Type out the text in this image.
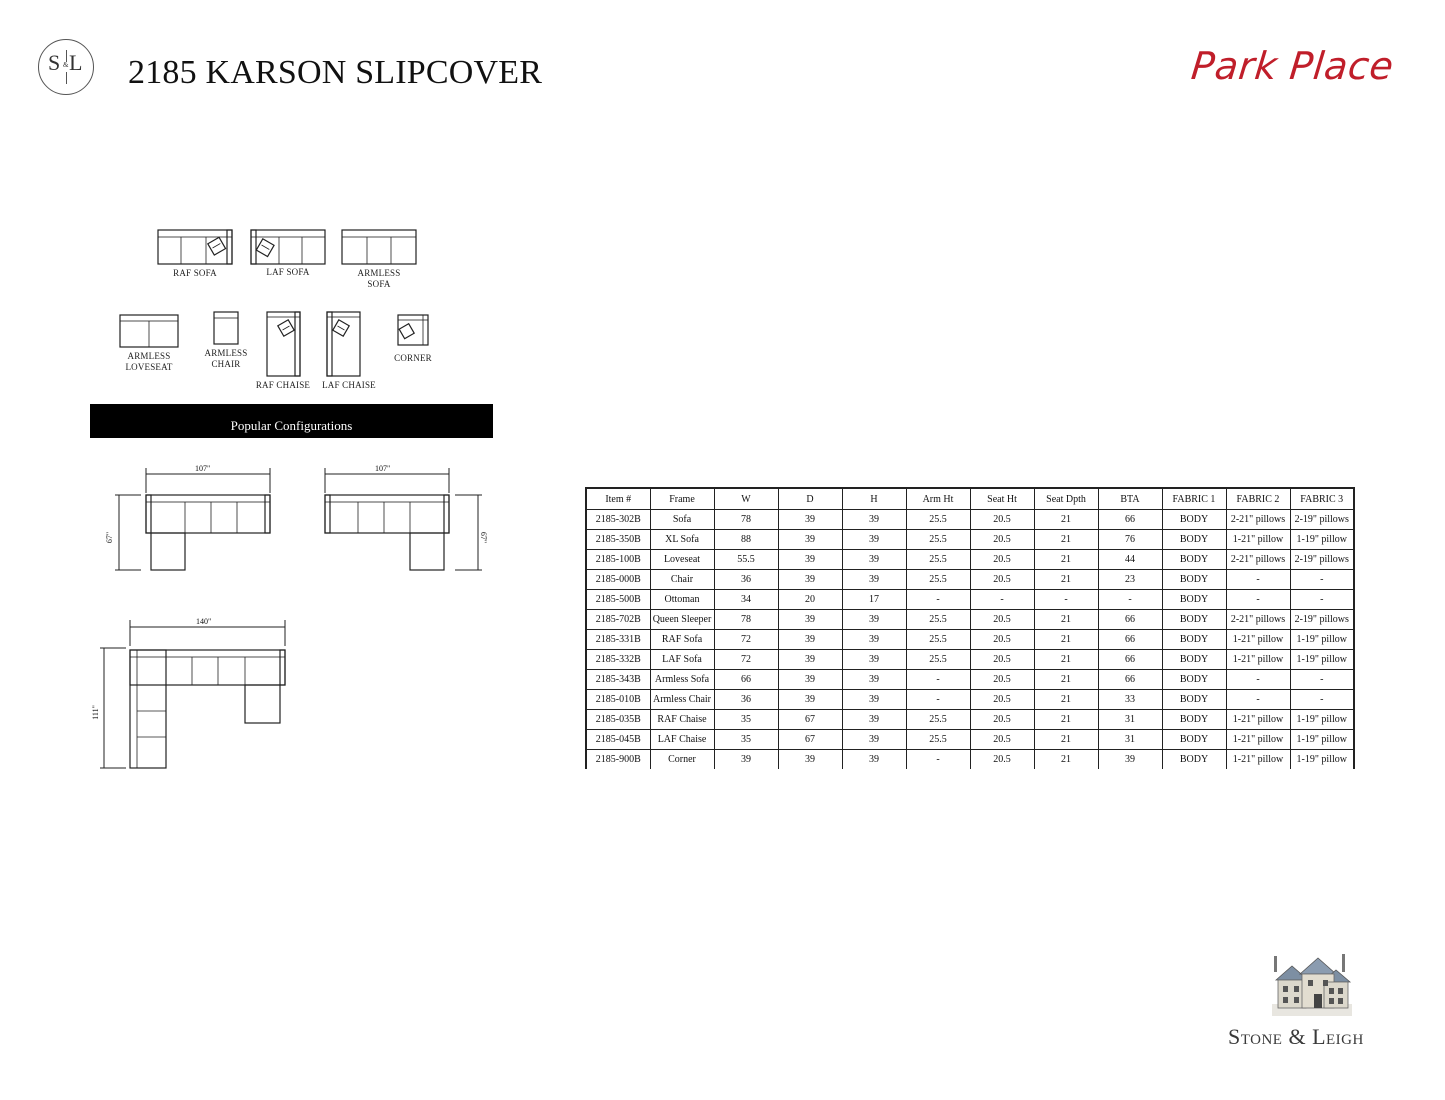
S & L 2185 KARSON SLIPCOVER	Park Place
RAF SOFA	LAF SOFA	ARMLESS
SOFA
ARMLESS
LOVESEAT
ARMLESS
CHAIR
RAF CHAISE	LAF CHAISE
CORNER
Popular Configurations
107"
67"
107"
67"
140"
111"
Item #	Frame	W	D	H	Arm Ht	Seat Ht	Seat Dpth	BTA	FABRIC 1	FABRIC 2	FABRIC 3
2185-302B	Sofa	78	39	39	25.5	20.5	21	66	BODY	2-21" pillows	2-19" pillows
2185-350B	XL Sofa	88	39	39	25.5	20.5	21	76	BODY	1-21" pillow	1-19" pillow
2185-100B	Loveseat	55.5	39	39	25.5	20.5	21	44	BODY	2-21" pillows	2-19" pillows
2185-000B	Chair	36	39	39	25.5	20.5	21	23	BODY	-	-
2185-500B	Ottoman	34	20	17	-	-	-	-	BODY	-	-
2185-702B	Queen Sleeper	78	39	39	25.5	20.5	21	66	BODY	2-21" pillows	2-19" pillows
2185-331B	RAF Sofa	72	39	39	25.5	20.5	21	66	BODY	1-21" pillow	1-19" pillow
2185-332B	LAF Sofa	72	39	39	25.5	20.5	21	66	BODY	1-21" pillow	1-19" pillow
2185-343B	Armless Sofa	66	39	39	-	20.5	21	66	BODY	-	-
2185-010B	Armless Chair	36	39	39	-	20.5	21	33	BODY	-	-
2185-035B	RAF Chaise	35	67	39	25.5	20.5	21	31	BODY	1-21" pillow	1-19" pillow
2185-045B	LAF Chaise	35	67	39	25.5	20.5	21	31	BODY	1-21" pillow	1-19" pillow
2185-900B	Corner	39	39	39	-	20.5	21	39	BODY	1-21" pillow	1-19" pillow
Stone & Leigh
